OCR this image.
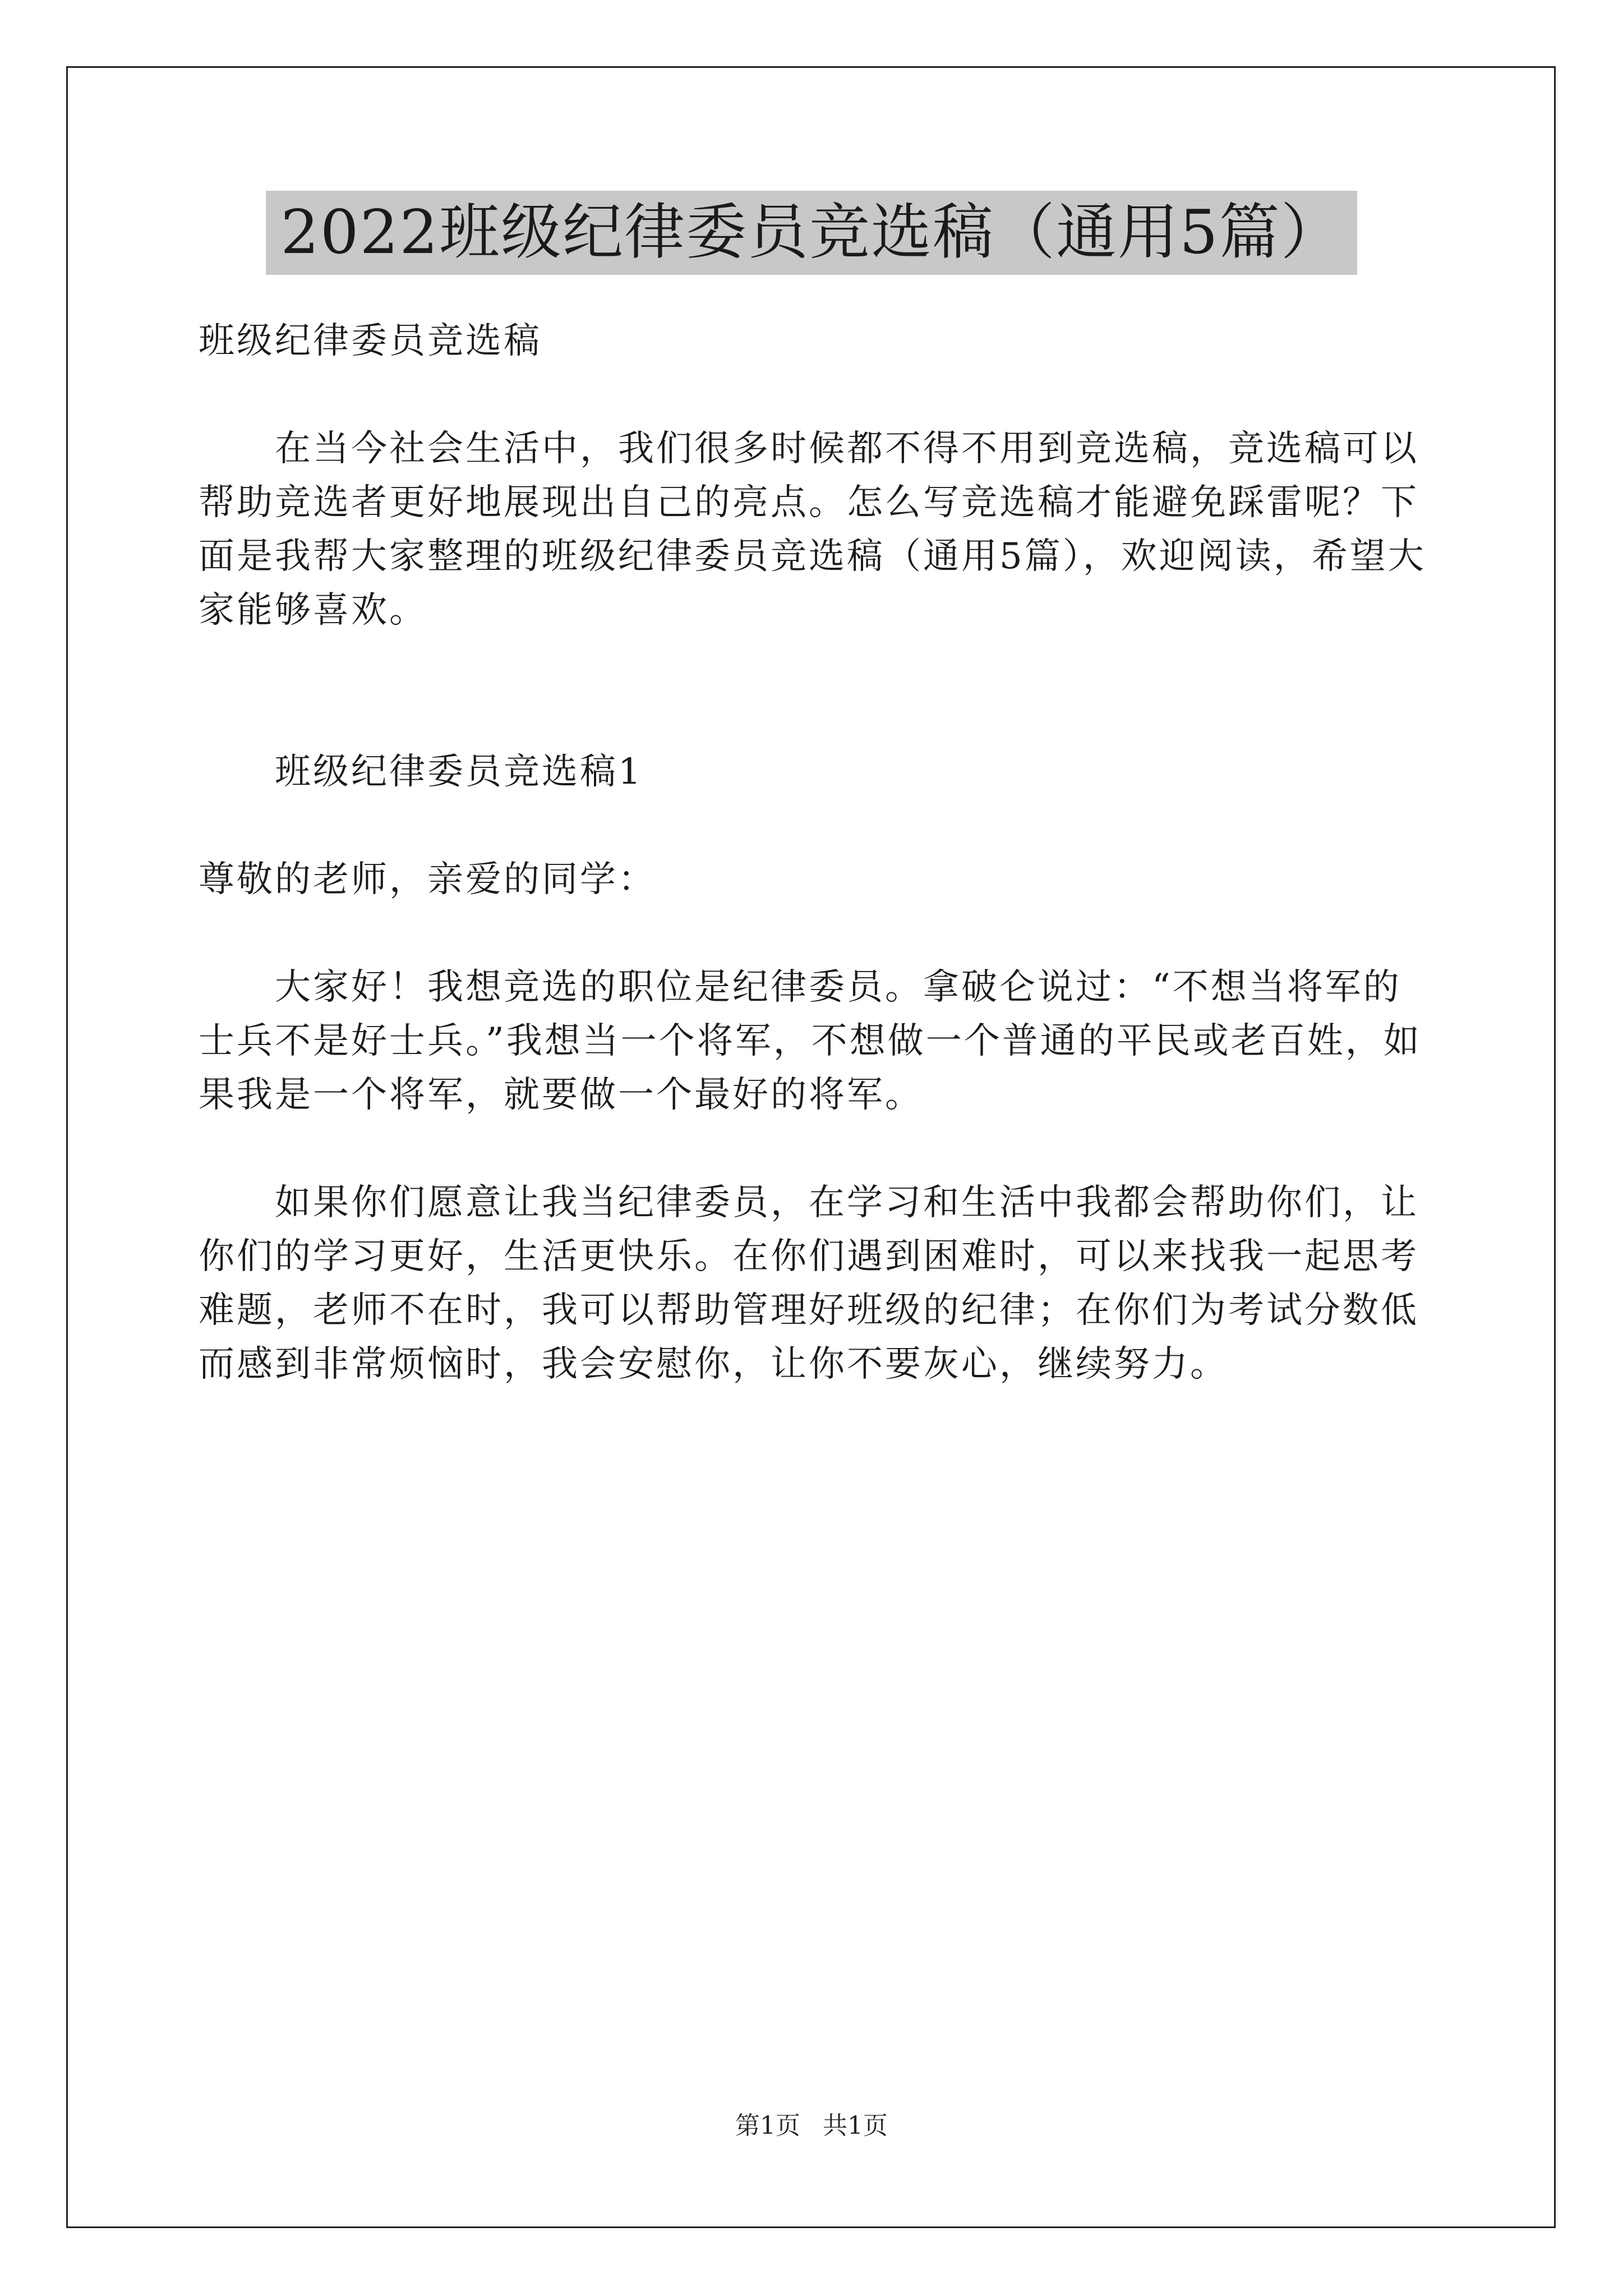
2022班级纪律委员竞选稿（通用5篇）

班级纪律委员竞选稿

在当今社会生活中，我们很多时候都不得不用到竞选稿，竞选稿可以帮助竞选者更好地展现出自己的亮点。怎么写竞选稿才能避免踩雷呢？下面是我帮大家整理的班级纪律委员竞选稿（通用5篇），欢迎阅读，希望大家能够喜欢。

班级纪律委员竞选稿1

尊敬的老师，亲爱的同学：

大家好！我想竞选的职位是纪律委员。拿破仑说过：“不想当将军的士兵不是好士兵。”我想当一个将军，不想做一个普通的平民或老百姓，如果我是一个将军，就要做一个最好的将军。

如果你们愿意让我当纪律委员，在学习和生活中我都会帮助你们，让你们的学习更好，生活更快乐。在你们遇到困难时，可以来找我一起思考难题，老师不在时，我可以帮助管理好班级的纪律；在你们为考试分数低而感到非常烦恼时，我会安慰你，让你不要灰心，继续努力。

第1页 共1页
